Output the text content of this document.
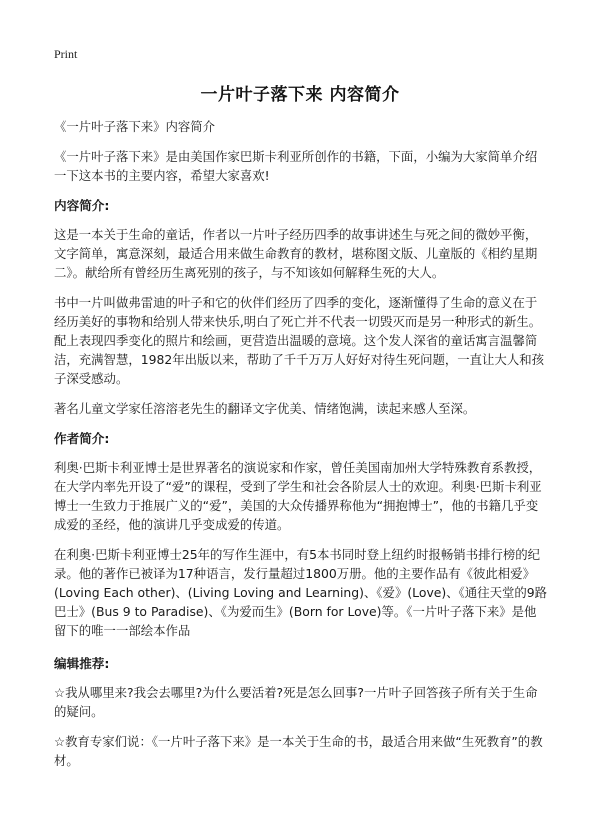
Print
一片叶子落下来 内容简介

《一片叶子落下来》内容简介

《一片叶子落下来》是由美国作家巴斯卡利亚所创作的书籍，下面，小编为大家简单介绍一下这本书的主要内容，希望大家喜欢!

内容简介:

这是一本关于生命的童话，作者以一片叶子经历四季的故事讲述生与死之间的微妙平衡，文字简单，寓意深刻，最适合用来做生命教育的教材，堪称图文版、儿童版的《相约星期二》。献给所有曾经历生离死别的孩子，与不知该如何解释生死的大人。

书中一片叫做弗雷迪的叶子和它的伙伴们经历了四季的变化，逐渐懂得了生命的意义在于经历美好的事物和给别人带来快乐,明白了死亡并不代表一切毁灭而是另一种形式的新生。配上表现四季变化的照片和绘画，更营造出温暖的意境。这个发人深省的童话寓言温馨简洁，充满智慧，1982年出版以来，帮助了千千万万人好好对待生死问题，一直让大人和孩子深受感动。

著名儿童文学家任溶溶老先生的翻译文字优美、情绪饱满，读起来感人至深。

作者简介:

利奥·巴斯卡利亚博士是世界著名的演说家和作家，曾任美国南加州大学特殊教育系教授，在大学内率先开设了“爱”的课程，受到了学生和社会各阶层人士的欢迎。利奥·巴斯卡利亚博士一生致力于推展广义的“爱”，美国的大众传播界称他为“拥抱博士”，他的书籍几乎变成爱的圣经，他的演讲几乎变成爱的传道。

在利奥·巴斯卡利亚博士25年的写作生涯中，有5本书同时登上纽约时报畅销书排行榜的纪录。他的著作已被译为17种语言，发行量超过1800万册。他的主要作品有《彼此相爱》(Loving Each other)、(Living Loving and Learning)、《爱》(Love)、《通往天堂的9路巴士》(Bus 9 to Paradise)、《为爱而生》(Born for Love)等。《一片叶子落下来》是他留下的唯一一部绘本作品

编辑推荐:

☆我从哪里来?我会去哪里?为什么要活着?死是怎么回事?一片叶子回答孩子所有关于生命的疑问。

☆教育专家们说：《一片叶子落下来》是一本关于生命的书，最适合用来做“生死教育”的教材。
